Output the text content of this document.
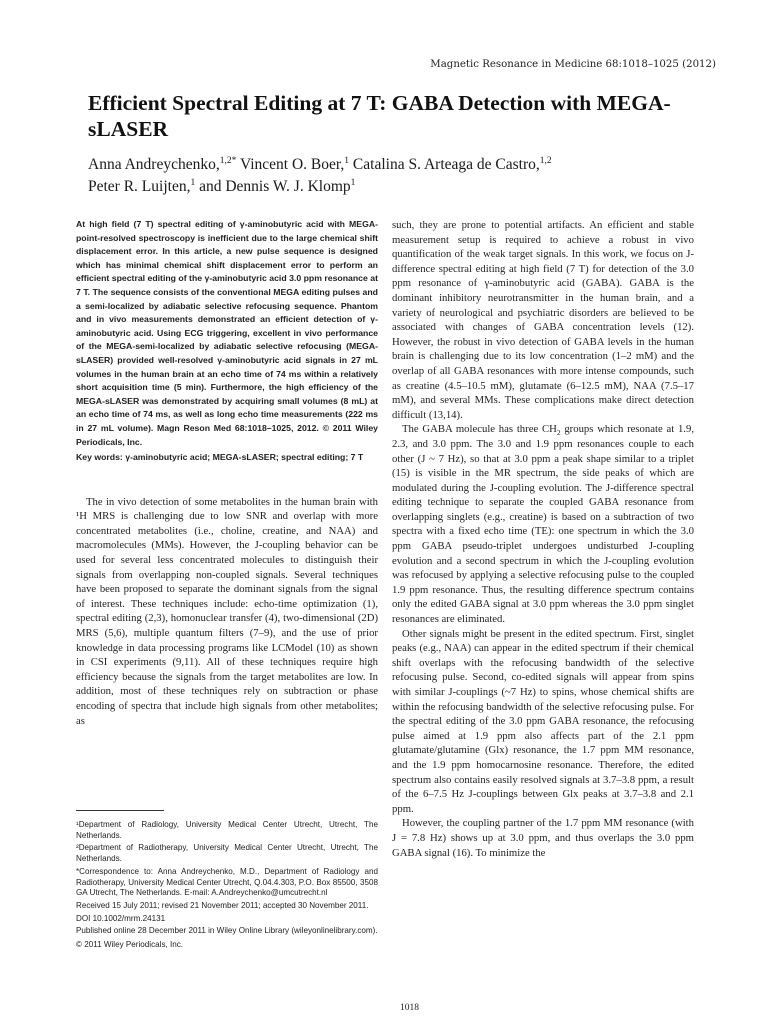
Magnetic Resonance in Medicine 68:1018–1025 (2012)
Efficient Spectral Editing at 7 T: GABA Detection with MEGA-sLASER
Anna Andreychenko,$^{1,2*}$ Vincent O. Boer,$^1$ Catalina S. Arteaga de Castro,$^{1,2}$
Peter R. Luijten,$^1$ and Dennis W. J. Klomp$^1$

At high field (7 T) spectral editing of γ-aminobutyric acid with MEGA-point-resolved spectroscopy is inefficient due to the large chemical shift displacement error. In this article, a new pulse sequence is designed which has minimal chemical shift displacement error to perform an efficient spectral editing of the γ-aminobutyric acid 3.0 ppm resonance at 7 T. The sequence consists of the conventional MEGA editing pulses and a semi-localized by adiabatic selective refocusing sequence. Phantom and in vivo measurements demonstrated an efficient detection of γ-aminobutyric acid. Using ECG triggering, excellent in vivo performance of the MEGA-semi-localized by adiabatic selective refocusing (MEGA-sLASER) provided well-resolved γ-aminobutyric acid signals in 27 mL volumes in the human brain at an echo time of 74 ms within a relatively short acquisition time (5 min). Furthermore, the high efficiency of the MEGA-sLASER was demonstrated by acquiring small volumes (8 mL) at an echo time of 74 ms, as well as long echo time measurements (222 ms in 27 mL volume). Magn Reson Med 68:1018–1025, 2012. © 2011 Wiley Periodicals, Inc.

Key words: γ-aminobutyric acid; MEGA-sLASER; spectral editing; 7 T

The in vivo detection of some metabolites in the human brain with ¹H MRS is challenging due to low SNR and overlap with more concentrated metabolites (i.e., choline, creatine, and NAA) and macromolecules (MMs). However, the J-coupling behavior can be used for several less concentrated molecules to distinguish their signals from overlapping non-coupled signals. Several techniques have been proposed to separate the dominant signals from the signal of interest. These techniques include: echo-time optimization (1), spectral editing (2,3), homonuclear transfer (4), two-dimensional (2D) MRS (5,6), multiple quantum filters (7–9), and the use of prior knowledge in data processing programs like LCModel (10) as shown in CSI experiments (9,11). All of these techniques require high efficiency because the signals from the target metabolites are low. In addition, most of these techniques rely on subtraction or phase encoding of spectra that include high signals from other metabolites; as

such, they are prone to potential artifacts. An efficient and stable measurement setup is required to achieve a robust in vivo quantification of the weak target signals. In this work, we focus on J-difference spectral editing at high field (7 T) for detection of the 3.0 ppm resonance of γ-aminobutyric acid (GABA). GABA is the dominant inhibitory neurotransmitter in the human brain, and a variety of neurological and psychiatric disorders are believed to be associated with changes of GABA concentration levels (12). However, the robust in vivo detection of GABA levels in the human brain is challenging due to its low concentration (1–2 mM) and the overlap of all GABA resonances with more intense compounds, such as creatine (4.5–10.5 mM), glutamate (6–12.5 mM), NAA (7.5–17 mM), and several MMs. These complications make direct detection difficult (13,14).

The GABA molecule has three $CH_2$ groups which resonate at 1.9, 2.3, and 3.0 ppm. The 3.0 and 1.9 ppm resonances couple to each other (J ~ 7 Hz), so that at 3.0 ppm a peak shape similar to a triplet (15) is visible in the MR spectrum, the side peaks of which are modulated during the J-coupling evolution. The J-difference spectral editing technique to separate the coupled GABA resonance from overlapping singlets (e.g., creatine) is based on a subtraction of two spectra with a fixed echo time (TE): one spectrum in which the 3.0 ppm GABA pseudo-triplet undergoes undisturbed J-coupling evolution and a second spectrum in which the J-coupling evolution was refocused by applying a selective refocusing pulse to the coupled 1.9 ppm resonance. Thus, the resulting difference spectrum contains only the edited GABA signal at 3.0 ppm whereas the 3.0 ppm singlet resonances are eliminated.

Other signals might be present in the edited spectrum. First, singlet peaks (e.g., NAA) can appear in the edited spectrum if their chemical shift overlaps with the refocusing bandwidth of the selective refocusing pulse. Second, co-edited signals will appear from spins with similar J-couplings (~7 Hz) to spins, whose chemical shifts are within the refocusing bandwidth of the selective refocusing pulse. For the spectral editing of the 3.0 ppm GABA resonance, the refocusing pulse aimed at 1.9 ppm also affects part of the 2.1 ppm glutamate/glutamine (Glx) resonance, the 1.7 ppm MM resonance, and the 1.9 ppm homocarnosine resonance. Therefore, the edited spectrum also contains easily resolved signals at 3.7–3.8 ppm, a result of the 6–7.5 Hz J-couplings between Glx peaks at 3.7–3.8 and 2.1 ppm.

However, the coupling partner of the 1.7 ppm MM resonance (with J = 7.8 Hz) shows up at 3.0 ppm, and thus overlaps the 3.0 ppm GABA signal (16). To minimize the

¹Department of Radiology, University Medical Center Utrecht, Utrecht, The Netherlands.

²Department of Radiotherapy, University Medical Center Utrecht, Utrecht, The Netherlands.

*Correspondence to: Anna Andreychenko, M.D., Department of Radiology and Radiotherapy, University Medical Center Utrecht, Q.04.4.303, P.O. Box 85500, 3508 GA Utrecht, The Netherlands. E-mail: A.Andreychenko@umcutrecht.nl

Received 15 July 2011; revised 21 November 2011; accepted 30 November 2011.

DOI 10.1002/mrm.24131

Published online 28 December 2011 in Wiley Online Library (wileyonlinelibrary.com).

© 2011 Wiley Periodicals, Inc.

1018
